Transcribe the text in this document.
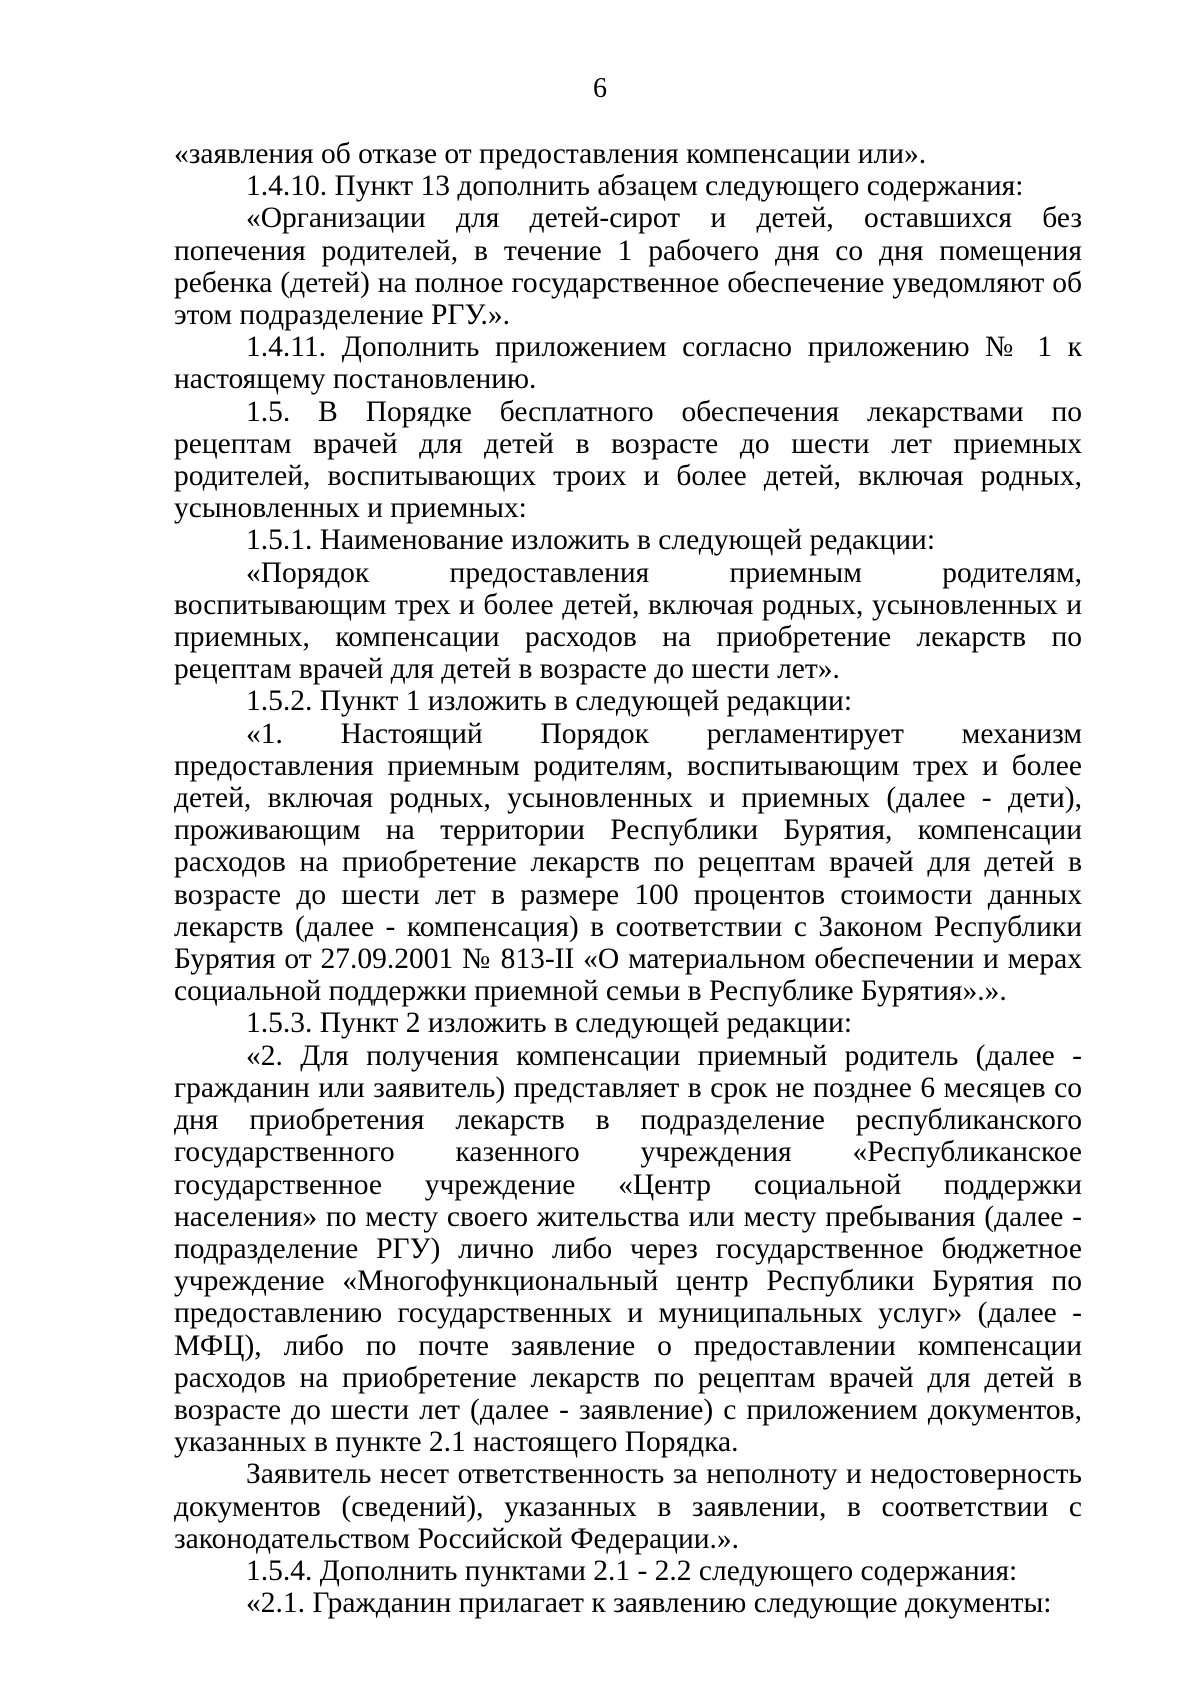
6

«заявления об отказе от предоставления компенсации или».

1.4.10. Пункт 13 дополнить абзацем следующего содержания:

«Организации для детей-сирот и детей, оставшихся без попечения родителей, в течение 1 рабочего дня со дня помещения ребенка (детей) на полное государственное обеспечение уведомляют об этом подразделение РГУ.».

1.4.11. Дополнить приложением согласно приложению № 1 к настоящему постановлению.

1.5. В Порядке бесплатного обеспечения лекарствами по рецептам врачей для детей в возрасте до шести лет приемных родителей, воспитывающих троих и более детей, включая родных, усыновленных и приемных:

1.5.1. Наименование изложить в следующей редакции:

«Порядок предоставления приемным родителям, воспитывающим трех и более детей, включая родных, усыновленных и приемных, компенсации расходов на приобретение лекарств по рецептам врачей для детей в возрасте до шести лет».

1.5.2. Пункт 1 изложить в следующей редакции:

«1. Настоящий Порядок регламентирует механизм предоставления приемным родителям, воспитывающим трех и более детей, включая родных, усыновленных и приемных (далее - дети), проживающим на территории Республики Бурятия, компенсации расходов на приобретение лекарств по рецептам врачей для детей в возрасте до шести лет в размере 100 процентов стоимости данных лекарств (далее - компенсация) в соответствии с Законом Республики Бурятия от 27.09.2001 № 813-II «О материальном обеспечении и мерах социальной поддержки приемной семьи в Республике Бурятия».».

1.5.3. Пункт 2 изложить в следующей редакции:

«2. Для получения компенсации приемный родитель (далее - гражданин или заявитель) представляет в срок не позднее 6 месяцев со дня приобретения лекарств в подразделение республиканского государственного казенного учреждения «Республиканское государственное учреждение «Центр социальной поддержки населения» по месту своего жительства или месту пребывания (далее - подразделение РГУ) лично либо через государственное бюджетное учреждение «Многофункциональный центр Республики Бурятия по предоставлению государственных и муниципальных услуг» (далее - МФЦ), либо по почте заявление о предоставлении компенсации расходов на приобретение лекарств по рецептам врачей для детей в возрасте до шести лет (далее - заявление) с приложением документов, указанных в пункте 2.1 настоящего Порядка.

Заявитель несет ответственность за неполноту и недостоверность документов (сведений), указанных в заявлении, в соответствии с законодательством Российской Федерации.».

1.5.4. Дополнить пунктами 2.1 - 2.2 следующего содержания:

«2.1. Гражданин прилагает к заявлению следующие документы:
